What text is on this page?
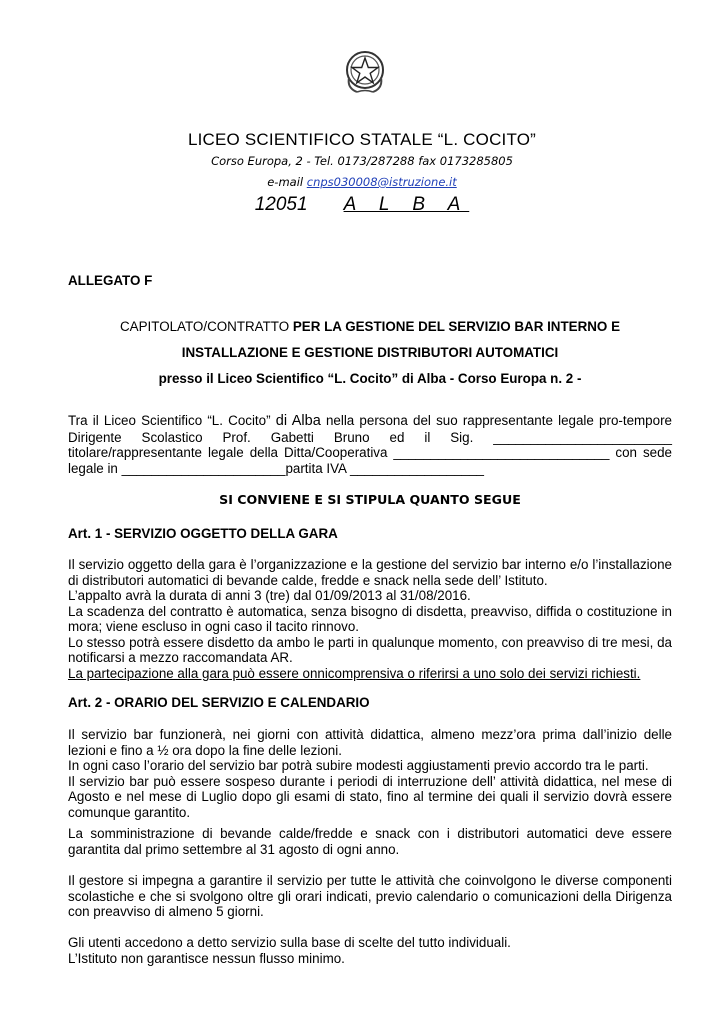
LICEO SCIENTIFICO STATALE “L. COCITO”
Corso Europa, 2 - Tel. 0173/287288 fax 0173285805
e-mail cnps030008@istruzione.it
12051 A L B A
ALLEGATO F
CAPITOLATO/CONTRATTO PER LA GESTIONE DEL SERVIZIO BAR INTERNO E
INSTALLAZIONE E GESTIONE DISTRIBUTORI AUTOMATICI
presso il Liceo Scientifico “L. Cocito” di Alba - Corso Europa n. 2 -
Tra il Liceo Scientifico “L. Cocito” di Alba nella persona del suo rappresentante legale pro-tempore
Dirigente Scolastico Prof. Gabetti Bruno ed il Sig. ________________________
titolare/rappresentante legale della Ditta/Cooperativa _____________________________ con sede
legale in ______________________partita IVA __________________
SI CONVIENE E SI STIPULA QUANTO SEGUE
Art. 1 - SERVIZIO OGGETTO DELLA GARA
Il servizio oggetto della gara è l’organizzazione e la gestione del servizio bar interno e/o l’installazione
di distributori automatici di bevande calde, fredde e snack nella sede dell’ Istituto.
L’appalto avrà la durata di anni 3 (tre) dal 01/09/2013 al 31/08/2016.
La scadenza del contratto è automatica, senza bisogno di disdetta, preavviso, diffida o costituzione in
mora; viene escluso in ogni caso il tacito rinnovo.
Lo stesso potrà essere disdetto da ambo le parti in qualunque momento, con preavviso di tre mesi, da
notificarsi a mezzo raccomandata AR.
La partecipazione alla gara può essere onnicomprensiva o riferirsi a uno solo dei servizi richiesti.
Art. 2 - ORARIO DEL SERVIZIO E CALENDARIO
Il servizio bar funzionerà, nei giorni con attività didattica, almeno mezz’ora prima dall’inizio delle
lezioni e fino a ½ ora dopo la fine delle lezioni.
In ogni caso l’orario del servizio bar potrà subire modesti aggiustamenti previo accordo tra le parti.
Il servizio bar può essere sospeso durante i periodi di interruzione dell’ attività didattica, nel mese di
Agosto e nel mese di Luglio dopo gli esami di stato, fino al termine dei quali il servizio dovrà essere
comunque garantito.
La somministrazione di bevande calde/fredde e snack con i distributori automatici deve essere
garantita dal primo settembre al 31 agosto di ogni anno.
Il gestore si impegna a garantire il servizio per tutte le attività che coinvolgono le diverse componenti
scolastiche e che si svolgono oltre gli orari indicati, previo calendario o comunicazioni della Dirigenza
con preavviso di almeno 5 giorni.
Gli utenti accedono a detto servizio sulla base di scelte del tutto individuali.
L’Istituto non garantisce nessun flusso minimo.
